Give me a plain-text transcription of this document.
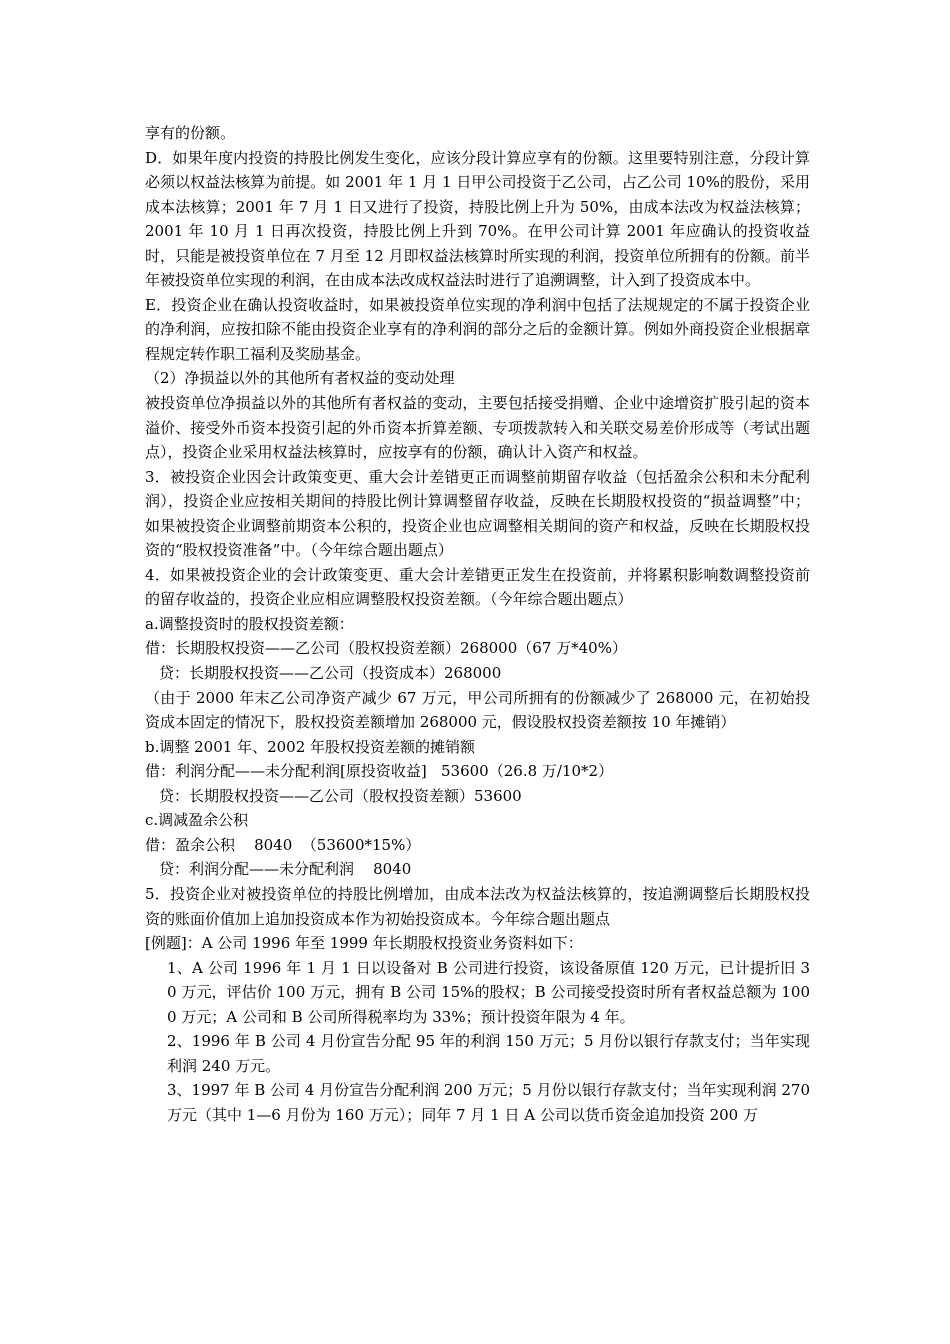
享有的份额。

D．如果年度内投资的持股比例发生变化，应该分段计算应享有的份额。这里要特别注意，分段计算必须以权益法核算为前提。如 2001 年 1 月 1 日甲公司投资于乙公司，占乙公司 10%的股份，采用成本法核算；2001 年 7 月 1 日又进行了投资，持股比例上升为 50%，由成本法改为权益法核算；2001 年 10 月 1 日再次投资，持股比例上升到 70%。在甲公司计算 2001 年应确认的投资收益时，只能是被投资单位在 7 月至 12 月即权益法核算时所实现的利润，投资单位所拥有的份额。前半年被投资单位实现的利润，在由成本法改成权益法时进行了追溯调整，计入到了投资成本中。

E．投资企业在确认投资收益时，如果被投资单位实现的净利润中包括了法规规定的不属于投资企业的净利润，应按扣除不能由投资企业享有的净利润的部分之后的金额计算。例如外商投资企业根据章程规定转作职工福利及奖励基金。

（2）净损益以外的其他所有者权益的变动处理

被投资单位净损益以外的其他所有者权益的变动，主要包括接受捐赠、企业中途增资扩股引起的资本溢价、接受外币资本投资引起的外币资本折算差额、专项拨款转入和关联交易差价形成等（考试出题点），投资企业采用权益法核算时，应按享有的份额，确认计入资产和权益。

3．被投资企业因会计政策变更、重大会计差错更正而调整前期留存收益（包括盈余公积和未分配利润），投资企业应按相关期间的持股比例计算调整留存收益，反映在长期股权投资的“损益调整”中；如果被投资企业调整前期资本公积的，投资企业也应调整相关期间的资产和权益，反映在长期股权投资的“股权投资准备”中。（今年综合题出题点）

4．如果被投资企业的会计政策变更、重大会计差错更正发生在投资前，并将累积影响数调整投资前的留存收益的，投资企业应相应调整股权投资差额。（今年综合题出题点）

a.调整投资时的股权投资差额：

借：长期股权投资——乙公司（股权投资差额）268000（67 万*40%）

贷：长期股权投资——乙公司（投资成本）268000

（由于 2000 年末乙公司净资产减少 67 万元，甲公司所拥有的份额减少了 268000 元，在初始投资成本固定的情况下，股权投资差额增加 268000 元，假设股权投资差额按 10 年摊销）

b.调整 2001 年、2002 年股权投资差额的摊销额

借：利润分配——未分配利润[原投资收益]   53600（26.8 万/10*2）

贷：长期股权投资——乙公司（股权投资差额）53600

c.调减盈余公积

借：盈余公积    8040  （53600*15%）

贷：利润分配——未分配利润    8040

5．投资企业对被投资单位的持股比例增加，由成本法改为权益法核算的，按追溯调整后长期股权投资的账面价值加上追加投资成本作为初始投资成本。今年综合题出题点

[例题]：A 公司 1996 年至 1999 年长期股权投资业务资料如下：

1、A 公司 1996 年 1 月 1 日以设备对 B 公司进行投资，该设备原值 120 万元，已计提折旧 30 万元，评估价 100 万元，拥有 B 公司 15%的股权；B 公司接受投资时所有者权益总额为 1000 万元；A 公司和 B 公司所得税率均为 33%；预计投资年限为 4 年。

2、1996 年 B 公司 4 月份宣告分配 95 年的利润 150 万元；5 月份以银行存款支付；当年实现利润 240 万元。

3、1997 年 B 公司 4 月份宣告分配利润 200 万元；5 月份以银行存款支付；当年实现利润 270 万元（其中 1—6 月份为 160 万元）；同年 7 月 1 日 A 公司以货币资金追加投资 200 万
